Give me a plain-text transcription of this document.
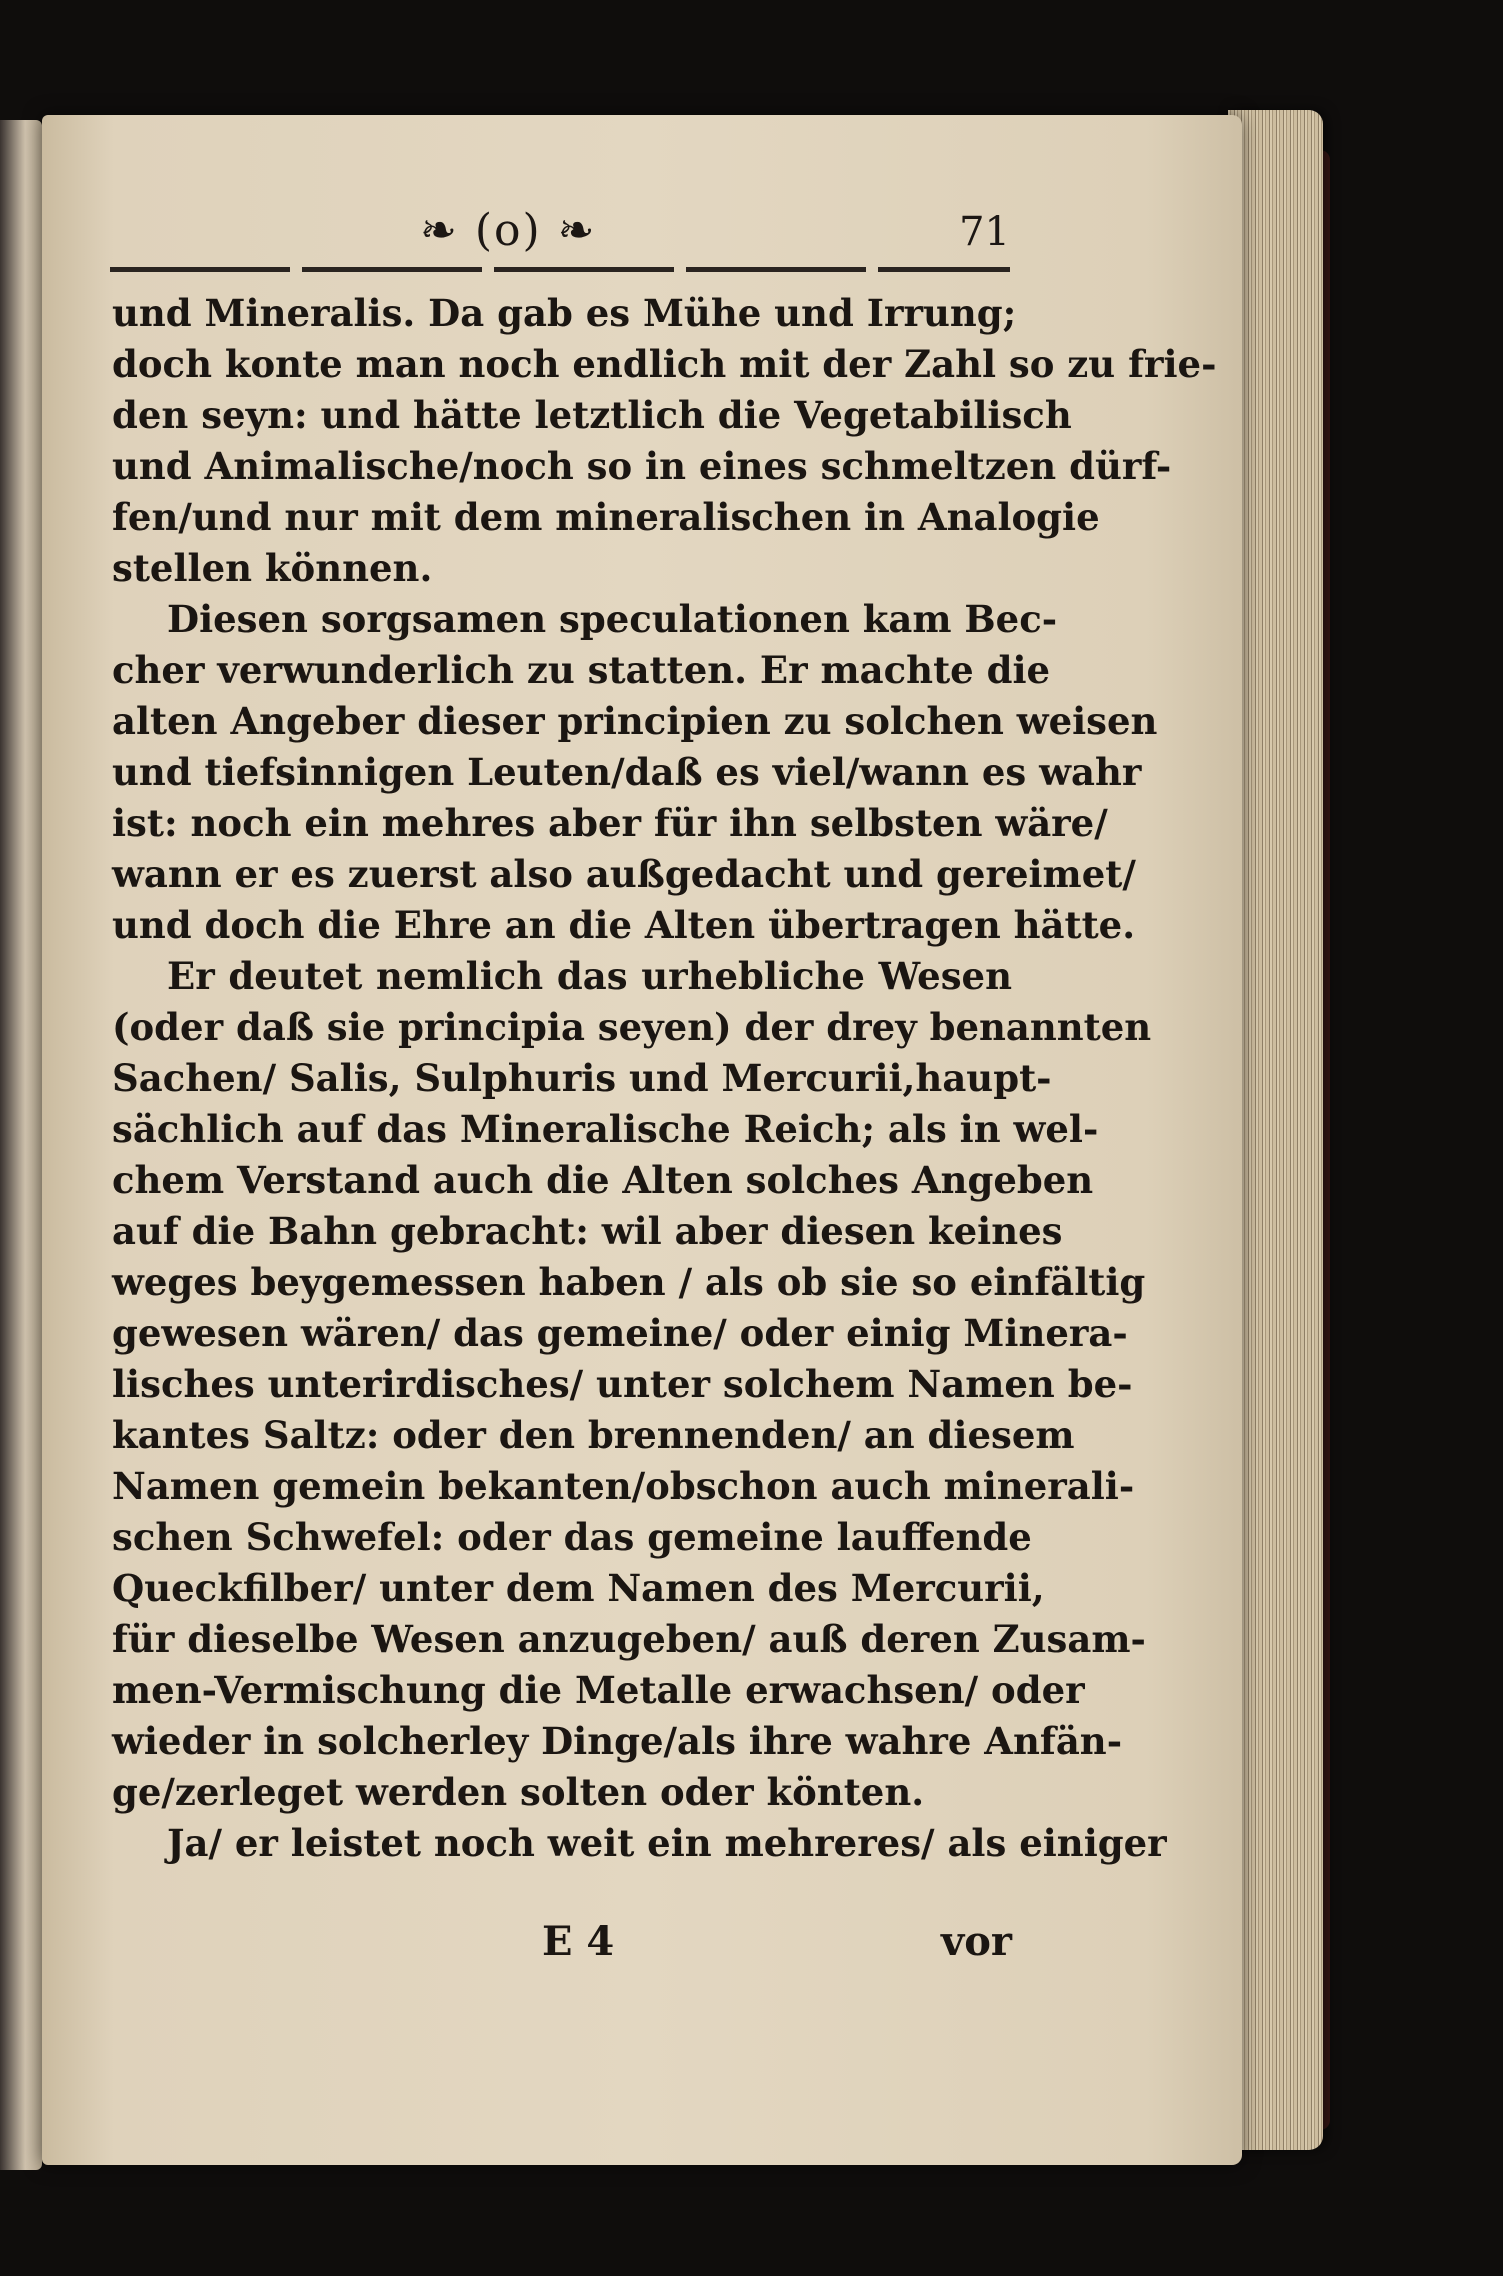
❧ (o) ❧	71
und Mineralis. Da gab es Mühe und Irrung;
doch konte man noch endlich mit der Zahl so zu frie-
den seyn: und hätte letztlich die Vegetabilisch
und Animalische/noch so in eines schmeltzen dürf-
fen/und nur mit dem mineralischen in Analogie
stellen können.
Diesen sorgsamen speculationen kam Bec-
cher verwunderlich zu statten. Er machte die
alten Angeber dieser principien zu solchen weisen
und tiefsinnigen Leuten/daß es viel/wann es wahr
ist: noch ein mehres aber für ihn selbsten wäre/
wann er es zuerst also außgedacht und gereimet/
und doch die Ehre an die Alten übertragen hätte.
Er deutet nemlich das urhebliche Wesen
(oder daß sie principia seyen) der drey benannten
Sachen/ Salis, Sulphuris und Mercurii,haupt-
sächlich auf das Mineralische Reich; als in wel-
chem Verstand auch die Alten solches Angeben
auf die Bahn gebracht: wil aber diesen keines
weges beygemessen haben / als ob sie so einfältig
gewesen wären/ das gemeine/ oder einig Minera-
lisches unterirdisches/ unter solchem Namen be-
kantes Saltz: oder den brennenden/ an diesem
Namen gemein bekanten/obschon auch minerali-
schen Schwefel: oder das gemeine lauffende
Queckfilber/ unter dem Namen des Mercurii,
für dieselbe Wesen anzugeben/ auß deren Zusam-
men-Vermischung die Metalle erwachsen/ oder
wieder in solcherley Dinge/als ihre wahre Anfän-
ge/zerleget werden solten oder könten.
Ja/ er leistet noch weit ein mehreres/ als einiger
E 4	vor
